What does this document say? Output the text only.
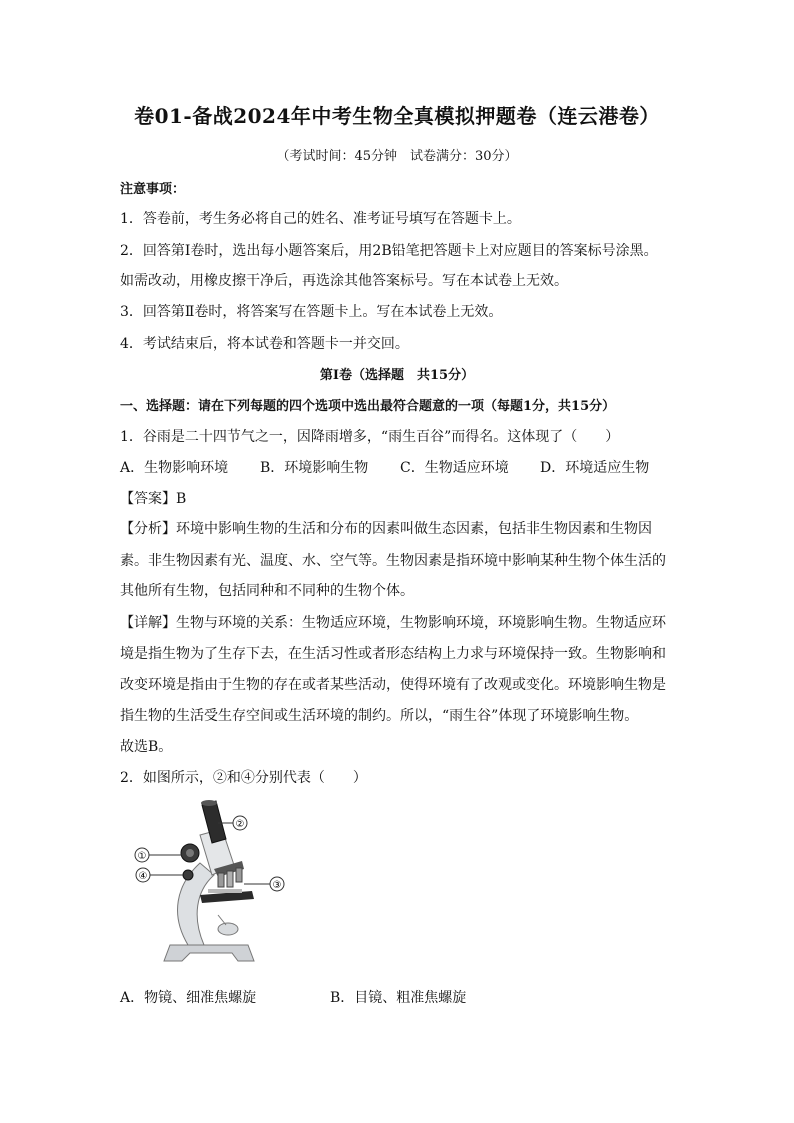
卷01-备战2024年中考生物全真模拟押题卷（连云港卷）
（考试时间：45分钟　试卷满分：30分）
注意事项：
1．答卷前，考生务必将自己的姓名、准考证号填写在答题卡上。
2．回答第Ⅰ卷时，选出每小题答案后，用2B铅笔把答题卡上对应题目的答案标号涂黑。
如需改动，用橡皮擦干净后，再选涂其他答案标号。写在本试卷上无效。
3．回答第Ⅱ卷时，将答案写在答题卡上。写在本试卷上无效。
4．考试结束后，将本试卷和答题卡一并交回。
第Ⅰ卷（选择题　共15分）
一、选择题：请在下列每题的四个选项中选出最符合题意的一项（每题1分，共15分）
1．谷雨是二十四节气之一，因降雨增多，“雨生百谷”而得名。这体现了（　　）
A．生物影响环境 B．环境影响生物 C．生物适应环境 D．环境适应生物
【答案】B
【分析】环境中影响生物的生活和分布的因素叫做生态因素，包括非生物因素和生物因
素。非生物因素有光、温度、水、空气等。生物因素是指环境中影响某种生物个体生活的
其他所有生物，包括同种和不同种的生物个体。
【详解】生物与环境的关系：生物适应环境，生物影响环境，环境影响生物。生物适应环
境是指生物为了生存下去，在生活习性或者形态结构上力求与环境保持一致。生物影响和
改变环境是指由于生物的存在或者某些活动，使得环境有了改观或变化。环境影响生物是
指生物的生活受生存空间或生活环境的制约。所以，“雨生谷”体现了环境影响生物。
故选B。
2．如图所示，②和④分别代表（　　）
①
②
③
④
A．物镜、细准焦螺旋	B．目镜、粗准焦螺旋
